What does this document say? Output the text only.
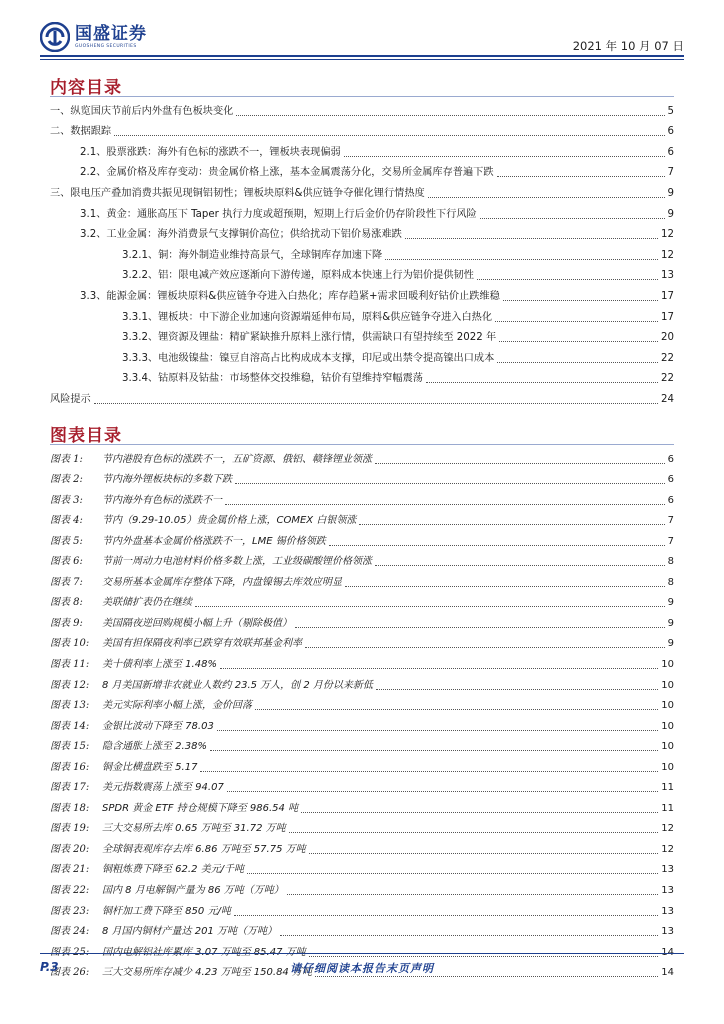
国盛证券
GUOSHENG SECURITIES	2021 年 10 月 07 日
内容目录
一、纵览国庆节前后内外盘有色板块变化	5
二、数据跟踪	6
2.1、股票涨跌：海外有色标的涨跌不一，锂板块表现偏弱	6
2.2、金属价格及库存变动：贵金属价格上涨，基本金属震荡分化，交易所金属库存普遍下跌	7
三、限电压产叠加消费共振见现铜铝韧性；锂板块原料&供应链争夺催化锂行情热度	9
3.1、黄金：通胀高压下 Taper 执行力度或超预期，短期上行后金价仍存阶段性下行风险	9
3.2、工业金属：海外消费景气支撑铜价高位；供给扰动下铝价易涨难跌	12
3.2.1、铜：海外制造业维持高景气，全球铜库存加速下降	12
3.2.2、铝：限电减产效应逐渐向下游传递，原料成本快速上行为铝价提供韧性	13
3.3、能源金属：锂板块原料&供应链争夺进入白热化；库存趋紧+需求回暖利好钴价止跌维稳	17
3.3.1、锂板块：中下游企业加速向资源端延伸布局，原料&供应链争夺进入白热化	17
3.3.2、锂资源及锂盐：精矿紧缺推升原料上涨行情，供需缺口有望持续至 2022 年	20
3.3.3、电池级镍盐：镍豆自溶高占比构成成本支撑，印尼或出禁令提高镍出口成本	22
3.3.4、钴原料及钴盐：市场整体交投维稳，钴价有望维持窄幅震荡	22
风险提示	24
图表目录
图表 1:	节内港股有色标的涨跌不一，五矿资源、俄铝、赣锋锂业领涨	6
图表 2:	节内海外锂板块标的多数下跌	6
图表 3:	节内海外有色标的涨跌不一	6
图表 4:	节内（9.29-10.05）贵金属价格上涨，COMEX 白银领涨	7
图表 5:	节内外盘基本金属价格涨跌不一，LME 锡价格领跌	7
图表 6:	节前一周动力电池材料价格多数上涨，工业级碳酸锂价格领涨	8
图表 7:	交易所基本金属库存整体下降，内盘镍锡去库效应明显	8
图表 8:	美联储扩表仍在继续	9
图表 9:	美国隔夜逆回购规模小幅上升（剔除极值）	9
图表 10:	美国有担保隔夜利率已跌穿有效联邦基金利率	9
图表 11:	美十债利率上涨至 1.48%	10
图表 12:	8 月美国新增非农就业人数约 23.5 万人，创 2 月份以来新低	10
图表 13:	美元实际利率小幅上涨，金价回落	10
图表 14:	金银比波动下降至 78.03	10
图表 15:	隐含通胀上涨至 2.38%	10
图表 16:	铜金比横盘跌至 5.17	10
图表 17:	美元指数震荡上涨至 94.07	11
图表 18:	SPDR 黄金 ETF 持仓规模下降至 986.54 吨	11
图表 19:	三大交易所去库 0.65 万吨至 31.72 万吨	12
图表 20:	全球铜表观库存去库 6.86 万吨至 57.75 万吨	12
图表 21:	铜粗炼费下降至 62.2 美元/千吨	13
图表 22:	国内 8 月电解铜产量为 86 万吨（万吨）	13
图表 23:	铜杆加工费下降至 850 元/吨	13
图表 24:	8 月国内铜材产量达 201 万吨（万吨）	13
图表 25:	国内电解铝社库累库 3.07 万吨至 85.47 万吨	14
图表 26:	三大交易所库存减少 4.23 万吨至 150.84 万吨	14
P.3	请仔细阅读本报告末页声明
